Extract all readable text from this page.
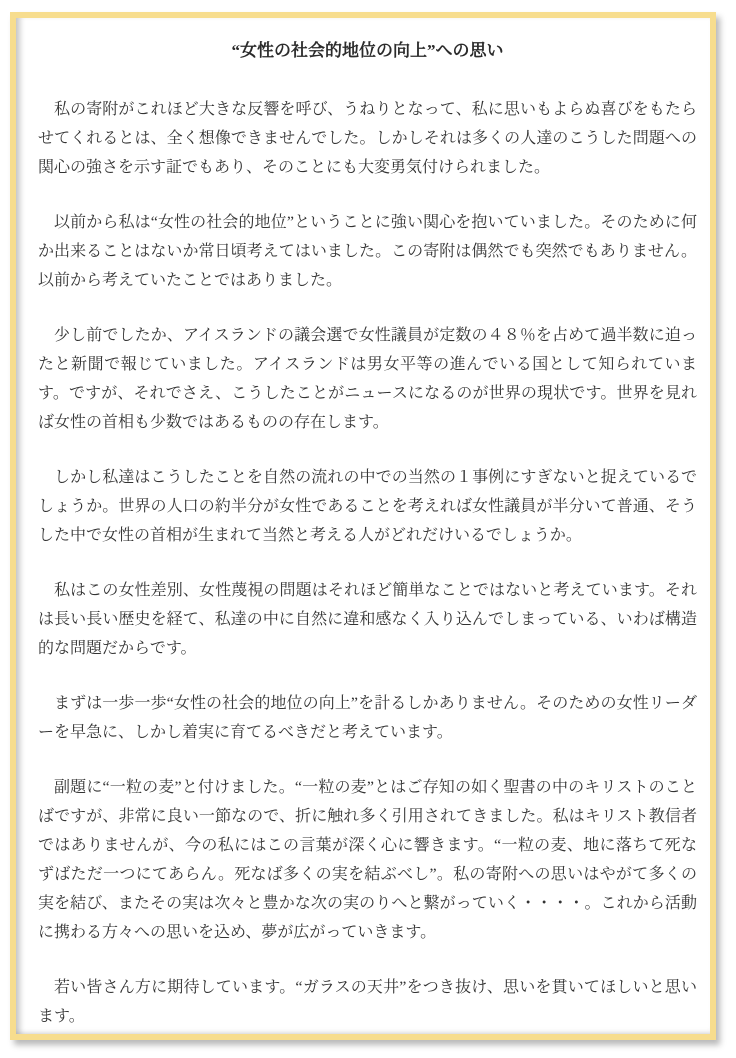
“女性の社会的地位の向上”への思い

私の寄附がこれほど大きな反響を呼び、うねりとなって、私に思いもよらぬ喜びをもたらせてくれるとは、全く想像できませんでした。しかしそれは多くの人達のこうした問題への関心の強さを示す証でもあり、そのことにも大変勇気付けられました。

以前から私は“女性の社会的地位”ということに強い関心を抱いていました。そのために何か出来ることはないか常日頃考えてはいました。この寄附は偶然でも突然でもありません。以前から考えていたことではありました。

少し前でしたか、アイスランドの議会選で女性議員が定数の４８％を占めて過半数に迫ったと新聞で報じていました。アイスランドは男女平等の進んでいる国として知られています。ですが、それでさえ、こうしたことがニュースになるのが世界の現状です。世界を見れば女性の首相も少数ではあるものの存在します。

しかし私達はこうしたことを自然の流れの中での当然の１事例にすぎないと捉えているでしょうか。世界の人口の約半分が女性であることを考えれば女性議員が半分いて普通、そうした中で女性の首相が生まれて当然と考える人がどれだけいるでしょうか。

私はこの女性差別、女性蔑視の問題はそれほど簡単なことではないと考えています。それは長い長い歴史を経て、私達の中に自然に違和感なく入り込んでしまっている、いわば構造的な問題だからです。

まずは一歩一歩“女性の社会的地位の向上”を計るしかありません。そのための女性リーダーを早急に、しかし着実に育てるべきだと考えています。

副題に“一粒の麦”と付けました。“一粒の麦”とはご存知の如く聖書の中のキリストのことばですが、非常に良い一節なので、折に触れ多く引用されてきました。私はキリスト教信者ではありませんが、今の私にはこの言葉が深く心に響きます。“一粒の麦、地に落ちて死なずばただ一つにてあらん。死なば多くの実を結ぶべし”。私の寄附への思いはやがて多くの実を結び、またその実は次々と豊かな次の実のりへと繋がっていく・・・・。これから活動に携わる方々への思いを込め、夢が広がっていきます。

若い皆さん方に期待しています。“ガラスの天井”をつき抜け、思いを貫いてほしいと思います。
